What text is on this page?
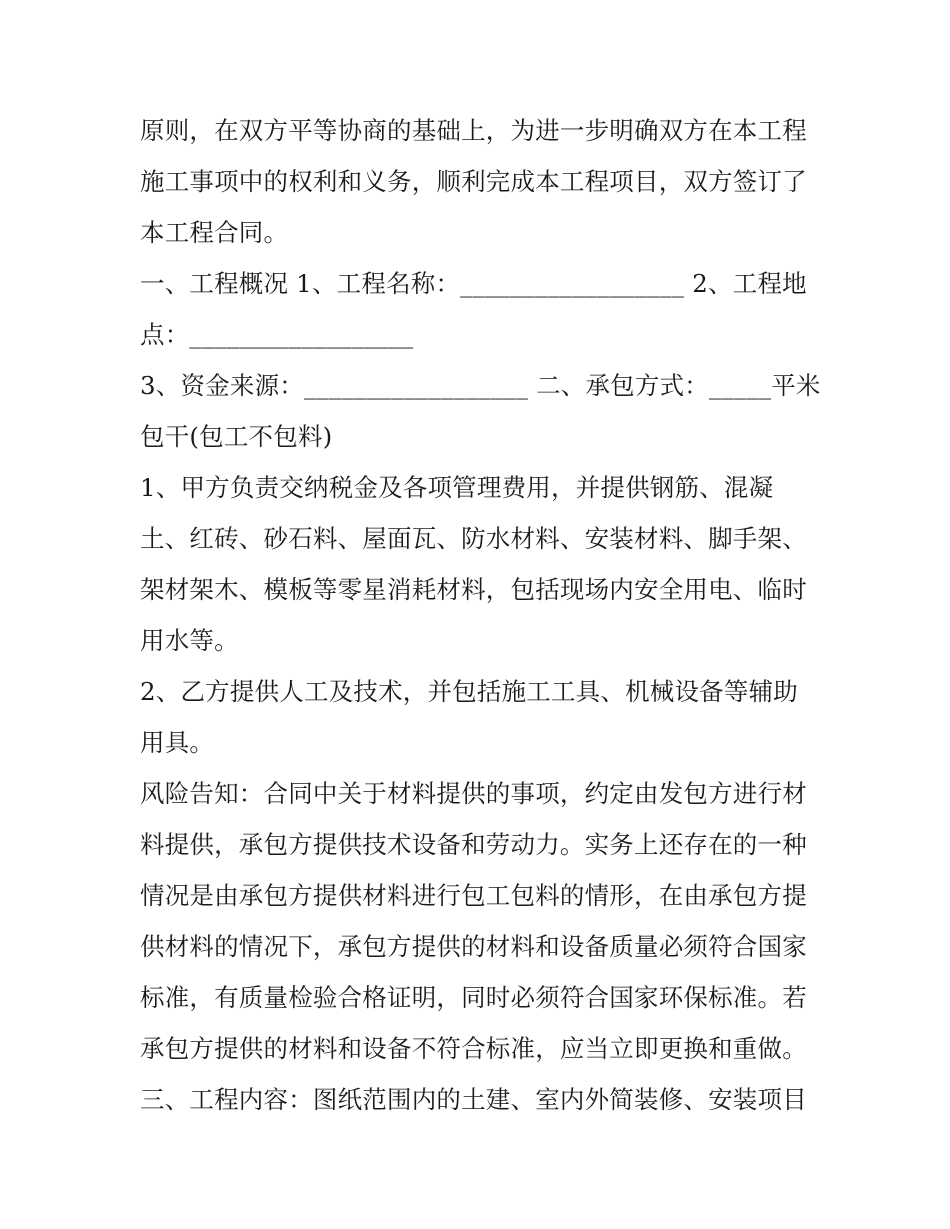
原则，在双方平等协商的基础上，为进一步明确双方在本工程
施工事项中的权利和义务，顺利完成本工程项目，双方签订了
本工程合同。
一、工程概况 1、工程名称：__________________ 2、工程地
点：__________________
3、资金来源：__________________ 二、承包方式：_____平米
包干(包工不包料)
1、甲方负责交纳税金及各项管理费用，并提供钢筋、混凝
土、红砖、砂石料、屋面瓦、防水材料、安装材料、脚手架、
架材架木、模板等零星消耗材料，包括现场内安全用电、临时
用水等。
2、乙方提供人工及技术，并包括施工工具、机械设备等辅助
用具。
风险告知：合同中关于材料提供的事项，约定由发包方进行材
料提供，承包方提供技术设备和劳动力。实务上还存在的一种
情况是由承包方提供材料进行包工包料的情形，在由承包方提
供材料的情况下，承包方提供的材料和设备质量必须符合国家
标准，有质量检验合格证明，同时必须符合国家环保标准。若
承包方提供的材料和设备不符合标准，应当立即更换和重做。
三、工程内容：图纸范围内的土建、室内外简装修、安装项目
